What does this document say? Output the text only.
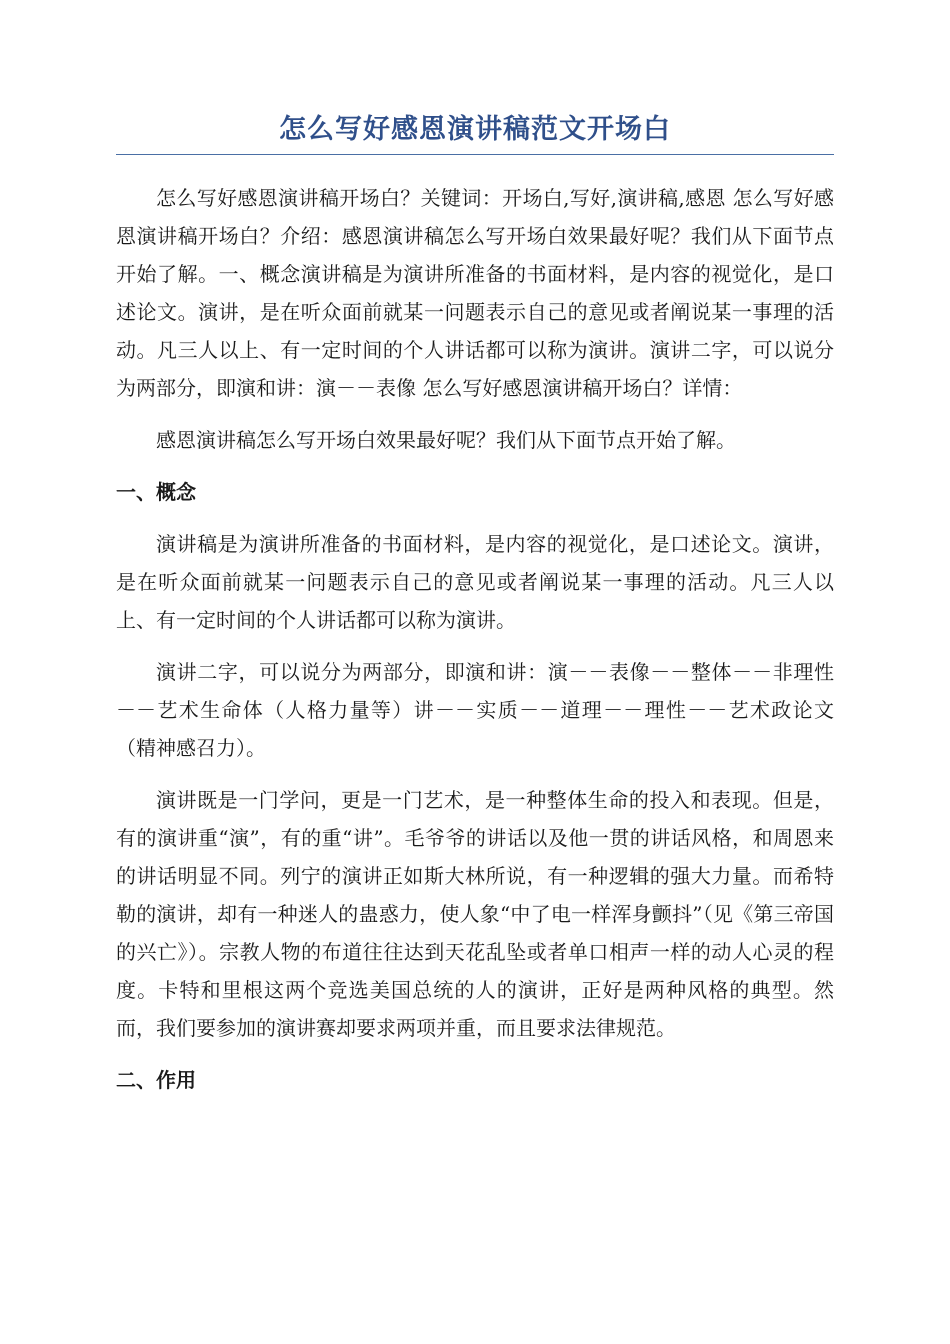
怎么写好感恩演讲稿范文开场白

怎么写好感恩演讲稿开场白？关键词：开场白,写好,演讲稿,感恩 怎么写好感恩演讲稿开场白？介绍：感恩演讲稿怎么写开场白效果最好呢？我们从下面节点开始了解。一、概念演讲稿是为演讲所准备的书面材料，是内容的视觉化，是口述论文。演讲，是在听众面前就某一问题表示自己的意见或者阐说某一事理的活动。凡三人以上、有一定时间的个人讲话都可以称为演讲。演讲二字，可以说分为两部分，即演和讲：演－－表像 怎么写好感恩演讲稿开场白？详情：

感恩演讲稿怎么写开场白效果最好呢？我们从下面节点开始了解。

一、概念

演讲稿是为演讲所准备的书面材料，是内容的视觉化，是口述论文。演讲，是在听众面前就某一问题表示自己的意见或者阐说某一事理的活动。凡三人以上、有一定时间的个人讲话都可以称为演讲。

演讲二字，可以说分为两部分，即演和讲：演－－表像－－整体－－非理性－－艺术生命体（人格力量等）讲－－实质－－道理－－理性－－艺术政论文（精神感召力）。

演讲既是一门学问，更是一门艺术，是一种整体生命的投入和表现。但是，有的演讲重“演”，有的重“讲”。毛爷爷的讲话以及他一贯的讲话风格，和周恩来的讲话明显不同。列宁的演讲正如斯大林所说，有一种逻辑的强大力量。而希特勒的演讲，却有一种迷人的蛊惑力，使人象“中了电一样浑身颤抖”（见《第三帝国的兴亡》）。宗教人物的布道往往达到天花乱坠或者单口相声一样的动人心灵的程度。卡特和里根这两个竞选美国总统的人的演讲，正好是两种风格的典型。然而，我们要参加的演讲赛却要求两项并重，而且要求法律规范。

二、作用
